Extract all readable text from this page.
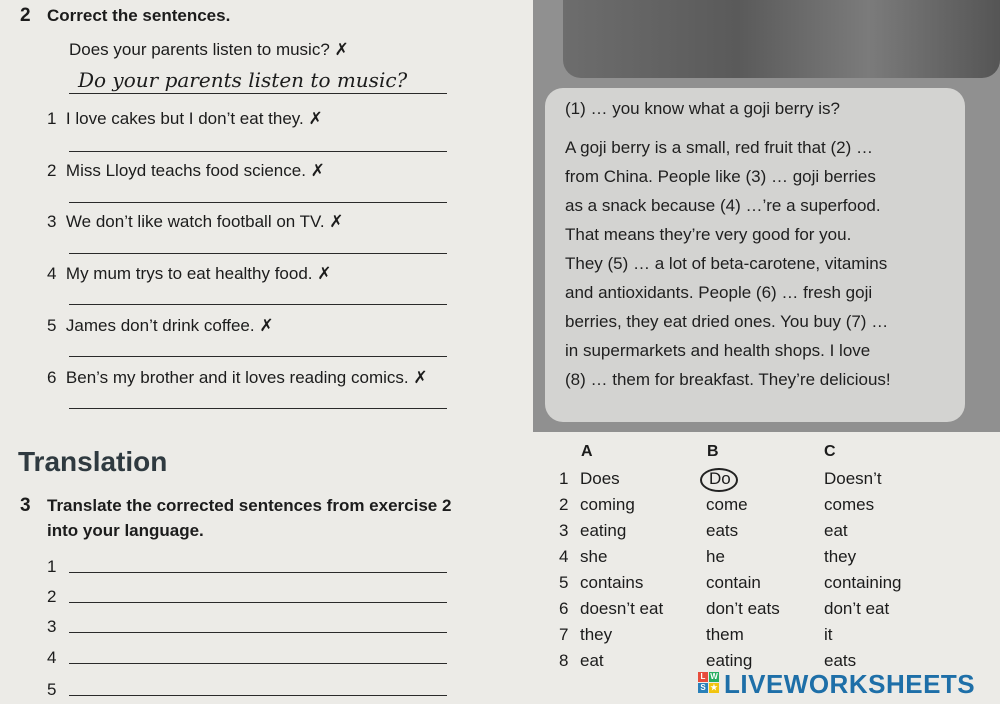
2 Correct the sentences.
Does your parents listen to music? ✗
Do your parents listen to music?
1 I love cakes but I don’t eat they. ✗
2 Miss Lloyd teachs food science. ✗
3 We don’t like watch football on TV. ✗
4 My mum trys to eat healthy food. ✗
5 James don’t drink coffee. ✗
6 Ben’s my brother and it loves reading comics. ✗
Translation
3 Translate the corrected sentences from exercise 2
into your language.
1
2
3
4
5
(1) … you know what a goji berry is?
A goji berry is a small, red fruit that (2) …
from China. People like (3) … goji berries
as a snack because (4) …’re a superfood.
That means they’re very good for you.
They (5) … a lot of beta-carotene, vitamins
and antioxidants. People (6) … fresh goji
berries, they eat dried ones. You buy (7) …
in supermarkets and health shops. I love
(8) … them for breakfast. They’re delicious!
A	B	C
1 Does	Do	Doesn’t
2 coming	come	comes
3 eating	eats	eat
4 she	he	they
5 contains	contain	containing
6 doesn’t eat	don’t eats	don’t eat
7 they	them	it
8 eat	eating	eats
L W
S ★ LIVEWORKSHEETS
